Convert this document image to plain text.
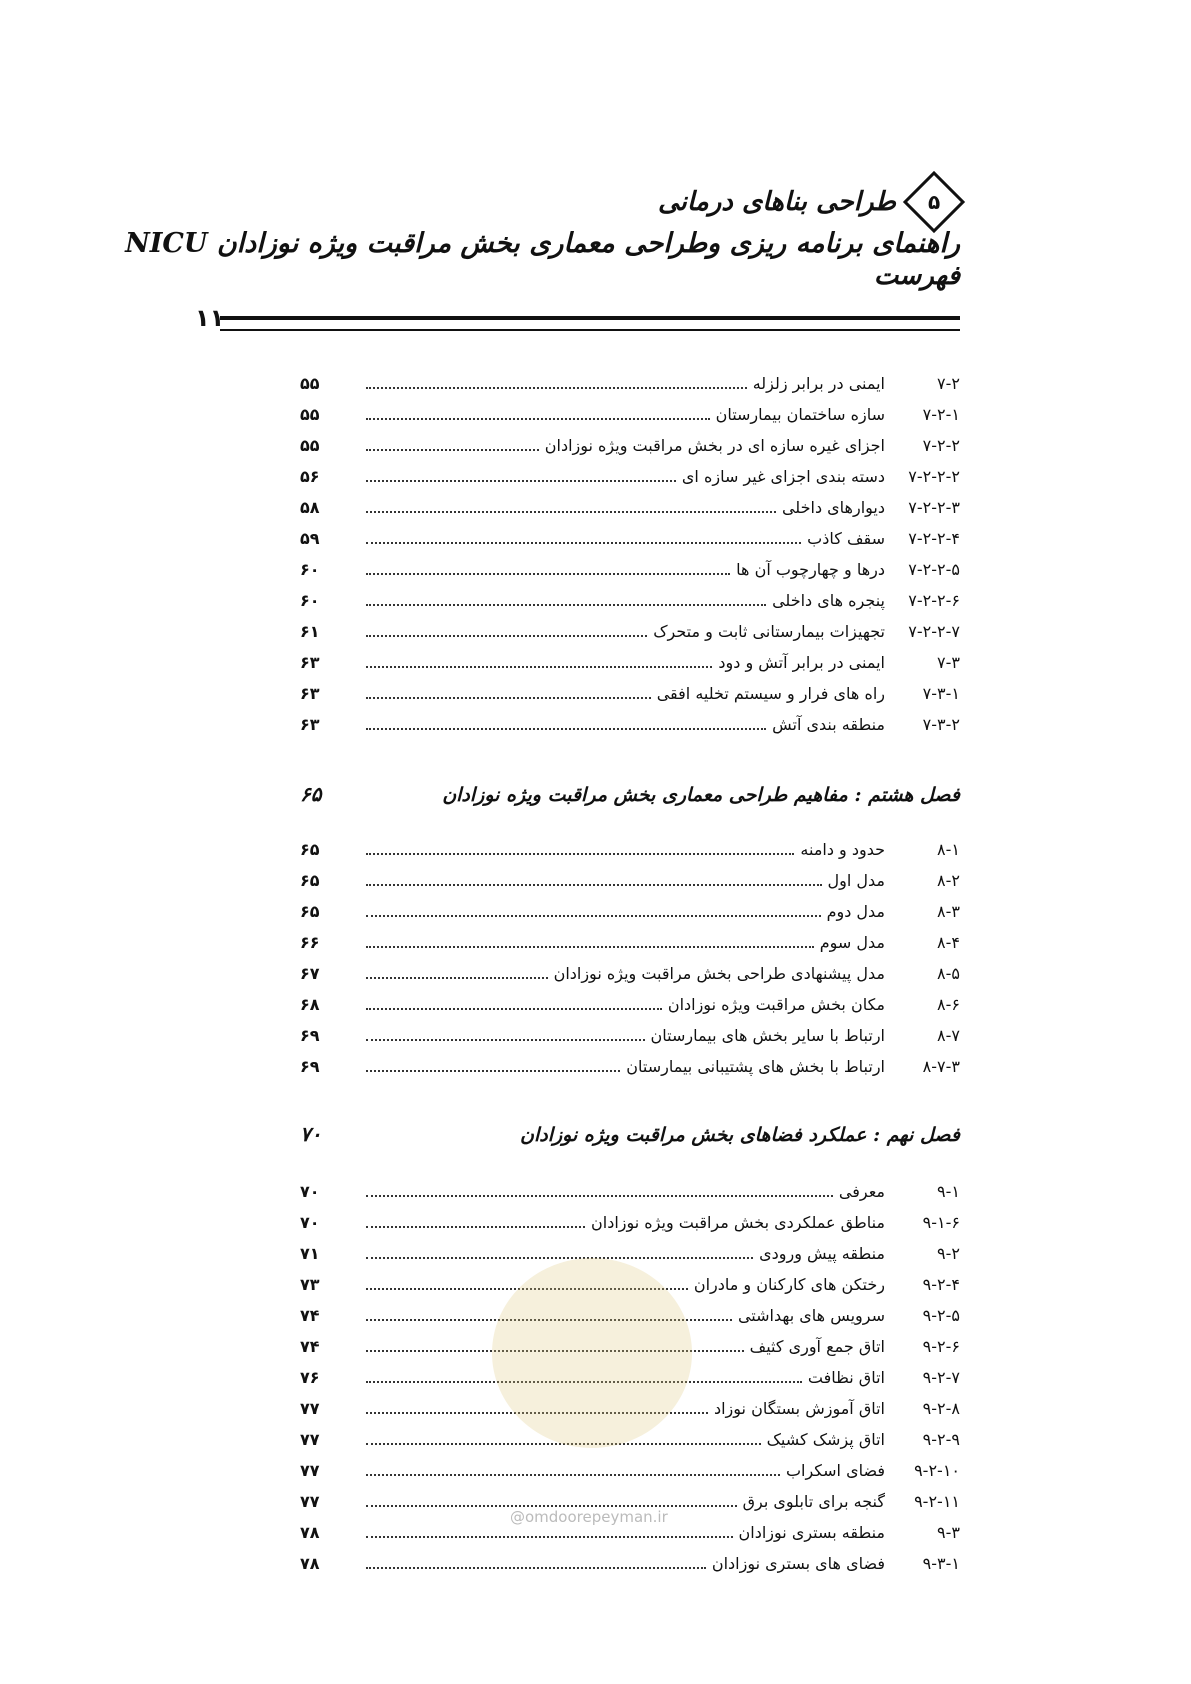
۵
طراحی بناهای درمانی
راهنمای برنامه ریزی وطراحی معماری بخش مراقبت ویژه نوزادان NICU
فهرست
۱۱
۷-۲
ایمنی در برابر زلزله
۵۵
۷-۲-۱
سازه ساختمان بیمارستان
۵۵
۷-۲-۲
اجزای غیره سازه ای در بخش مراقبت ویژه نوزادان
۵۵
۷-۲-۲-۲
دسته بندی اجزای غیر سازه ای
۵۶
۷-۲-۲-۳
دیوارهای داخلی
۵۸
۷-۲-۲-۴
سقف کاذب
۵۹
۷-۲-۲-۵
درها و چهارچوب آن ها
۶۰
۷-۲-۲-۶
پنجره های داخلی
۶۰
۷-۲-۲-۷
تجهیزات بیمارستانی ثابت و متحرک
۶۱
۷-۳
ایمنی در برابر آتش و دود
۶۳
۷-۳-۱
راه های فرار و سیستم تخلیه افقی
۶۳
۷-۳-۲
منطقه بندی آتش
۶۳
فصل هشتم : مفاهیم طراحی معماری بخش مراقبت ویژه نوزادان
۶۵
۸-۱
حدود و دامنه
۶۵
۸-۲
مدل اول
۶۵
۸-۳
مدل دوم
۶۵
۸-۴
مدل سوم
۶۶
۸-۵
مدل پیشنهادی طراحی بخش مراقبت ویژه نوزادان
۶۷
۸-۶
مکان بخش مراقبت ویژه نوزادان
۶۸
۸-۷
ارتباط با سایر بخش های بیمارستان
۶۹
۸-۷-۳
ارتباط با بخش های پشتیبانی بیمارستان
۶۹
فصل نهم : عملکرد فضاهای بخش مراقبت ویژه نوزادان
۷۰
۹-۱
معرفی
۷۰
۹-۱-۶
مناطق عملکردی بخش مراقبت ویژه نوزادان
۷۰
۹-۲
منطقه پیش ورودی
۷۱
۹-۲-۴
رختکن های کارکنان و مادران
۷۳
۹-۲-۵
سرویس های بهداشتی
۷۴
۹-۲-۶
اتاق جمع آوری کثیف
۷۴
۹-۲-۷
اتاق نظافت
۷۶
۹-۲-۸
اتاق آموزش بستگان نوزاد
۷۷
۹-۲-۹
اتاق پزشک کشیک
۷۷
۹-۲-۱۰
فضای اسکراب
۷۷
۹-۲-۱۱
گنجه برای تابلوی برق
۷۷
۹-۳
منطقه بستری نوزادان
۷۸
۹-۳-۱
فضای های بستری نوزادان
۷۸
@omdoorepeyman.ir
